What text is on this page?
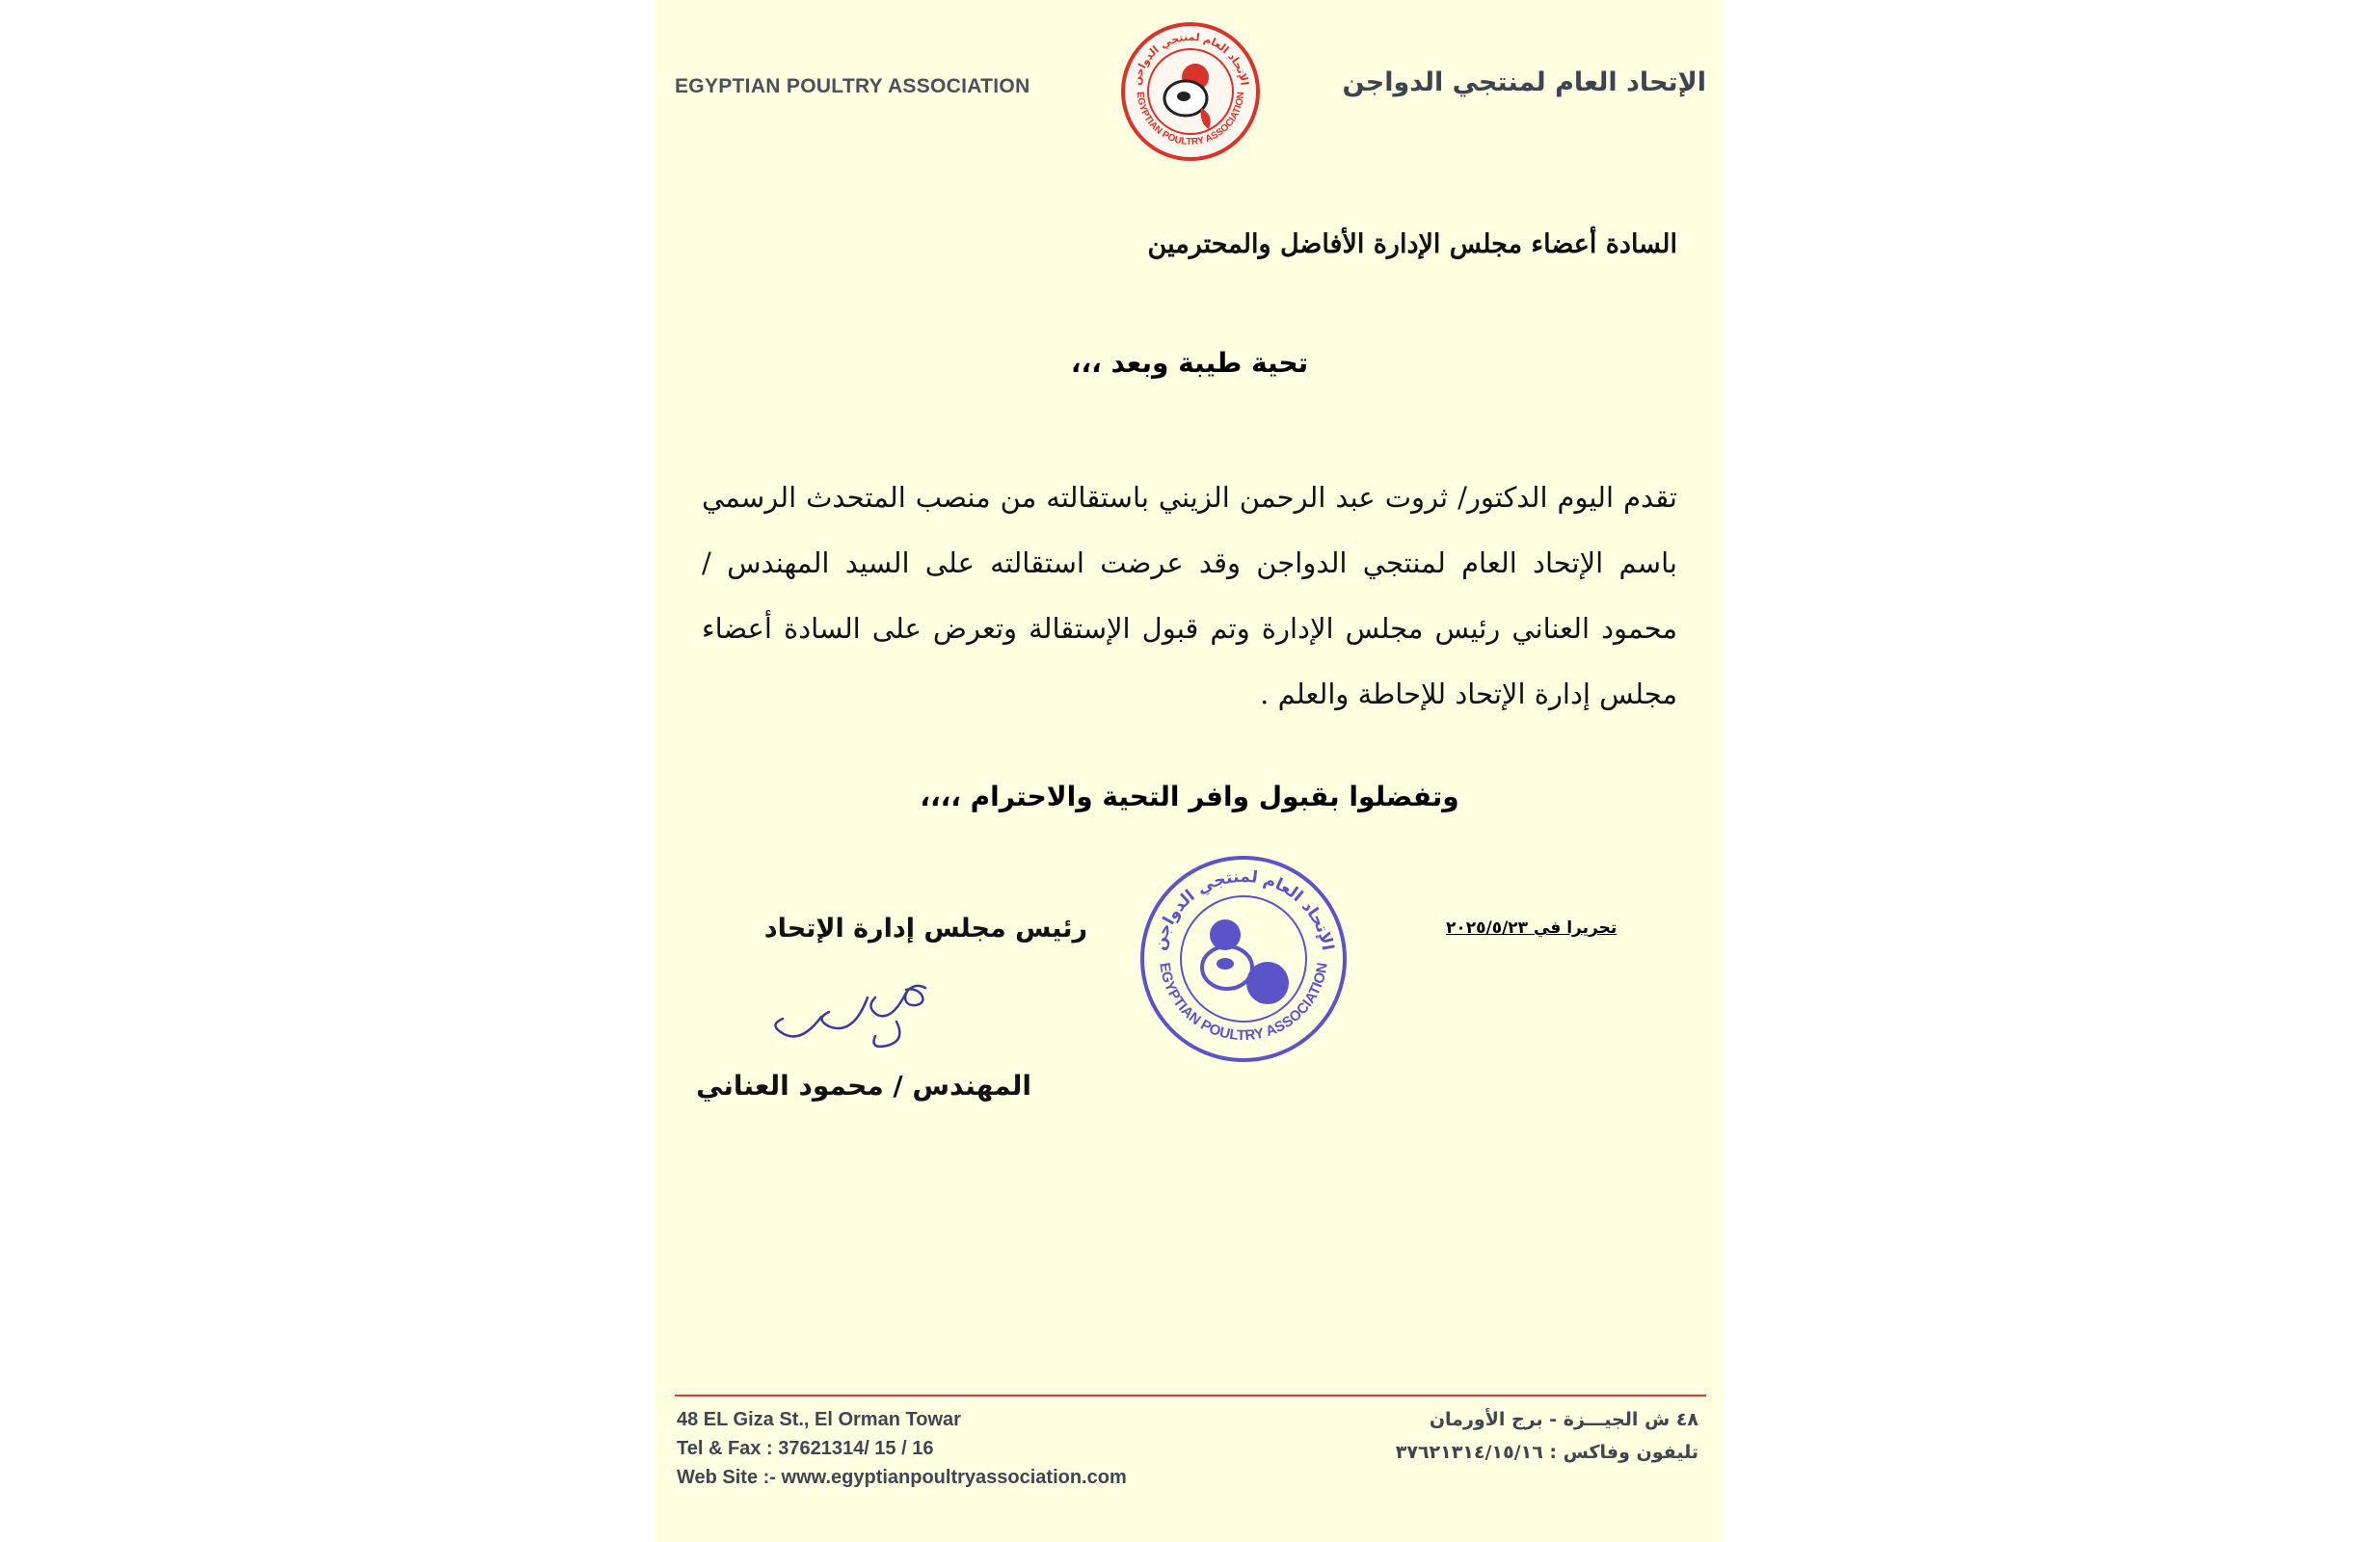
EGYPTIAN POULTRY ASSOCIATION	الإتحاد العام لمنتجي الدواجن
EGYPTIAN POULTRY ASSOCIATION	الإتحاد العام لمنتجي الدواجن
السادة أعضاء مجلس الإدارة الأفاضل والمحترمين
تحية طيبة وبعد ،،،
تقدم اليوم الدكتور/ ثروت عبد الرحمن الزيني باستقالته من منصب المتحدث الرسمي باسم الإتحاد العام لمنتجي الدواجن وقد عرضت استقالته على السيد المهندس / محمود العناني رئيس مجلس الإدارة وتم قبول الإستقالة وتعرض على السادة أعضاء مجلس إدارة الإتحاد للإحاطة والعلم .
وتفضلوا بقبول وافر التحية والاحترام ،،،،
رئيس مجلس إدارة الإتحاد	تحريرا في ٢٠٢٥/٥/٢٣
الإتحاد العام لمنتجي الدواجن
EGYPTIAN POULTRY ASSOCIATION
المهندس / محمود العناني
48 EL Giza St., El Orman Towar
Tel & Fax : 37621314/ 15 / 16
Web Site :- www.egyptianpoultryassociation.com
٤٨ ش الجيـــزة - برج الأورمان
تليفون وفاكس : ٣٧٦٢١٣١٤/١٥/١٦
